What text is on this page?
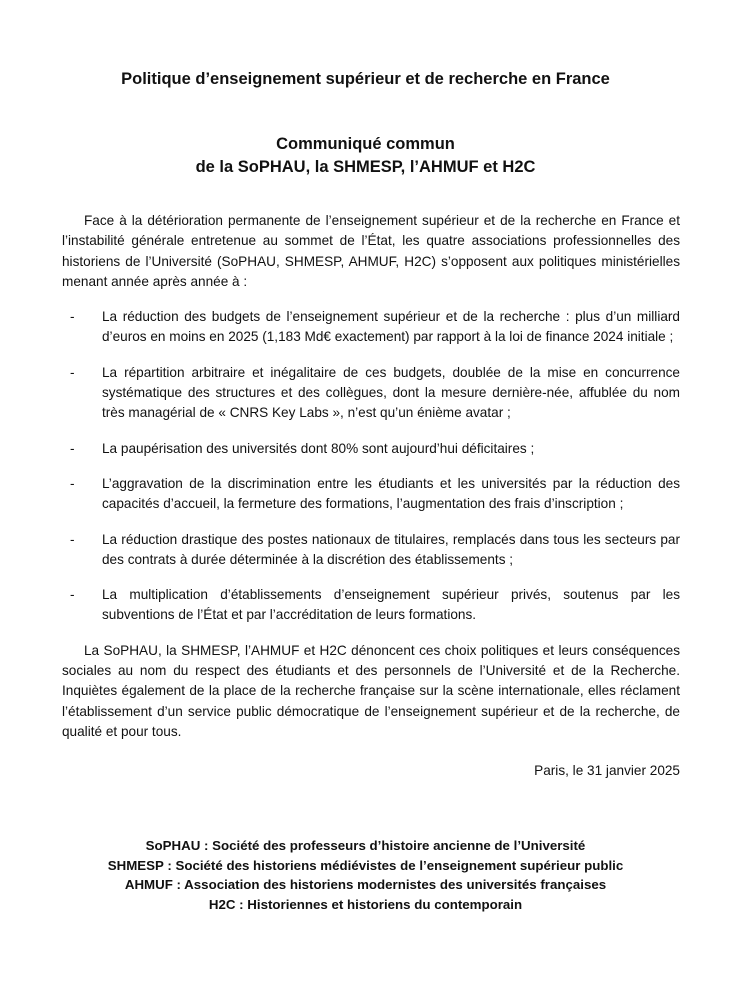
Politique d’enseignement supérieur et de recherche en France
Communiqué commun
de la SoPHAU, la SHMESP, l’AHMUF et H2C

Face à la détérioration permanente de l’enseignement supérieur et de la recherche en France et l’instabilité générale entretenue au sommet de l’État, les quatre associations professionnelles des historiens de l’Université (SoPHAU, SHMESP, AHMUF, H2C) s’opposent aux politiques ministérielles menant année après année à :

- La réduction des budgets de l’enseignement supérieur et de la recherche : plus d’un milliard d’euros en moins en 2025 (1,183 Md€ exactement) par rapport à la loi de finance 2024 initiale ;
- La répartition arbitraire et inégalitaire de ces budgets, doublée de la mise en concurrence systématique des structures et des collègues, dont la mesure dernière-née, affublée du nom très managérial de « CNRS Key Labs », n’est qu’un énième avatar ;
- La paupérisation des universités dont 80% sont aujourd’hui déficitaires ;
- L’aggravation de la discrimination entre les étudiants et les universités par la réduction des capacités d’accueil, la fermeture des formations, l’augmentation des frais d’inscription ;
- La réduction drastique des postes nationaux de titulaires, remplacés dans tous les secteurs par des contrats à durée déterminée à la discrétion des établissements ;
- La multiplication d’établissements d’enseignement supérieur privés, soutenus par les subventions de l’État et par l’accréditation de leurs formations.

La SoPHAU, la SHMESP, l’AHMUF et H2C dénoncent ces choix politiques et leurs conséquences sociales au nom du respect des étudiants et des personnels de l’Université et de la Recherche. Inquiètes également de la place de la recherche française sur la scène internationale, elles réclament l’établissement d’un service public démocratique de l’enseignement supérieur et de la recherche, de qualité et pour tous.

Paris, le 31 janvier 2025
SoPHAU : Société des professeurs d’histoire ancienne de l’Université
SHMESP : Société des historiens médiévistes de l’enseignement supérieur public
AHMUF : Association des historiens modernistes des universités françaises
H2C : Historiennes et historiens du contemporain
